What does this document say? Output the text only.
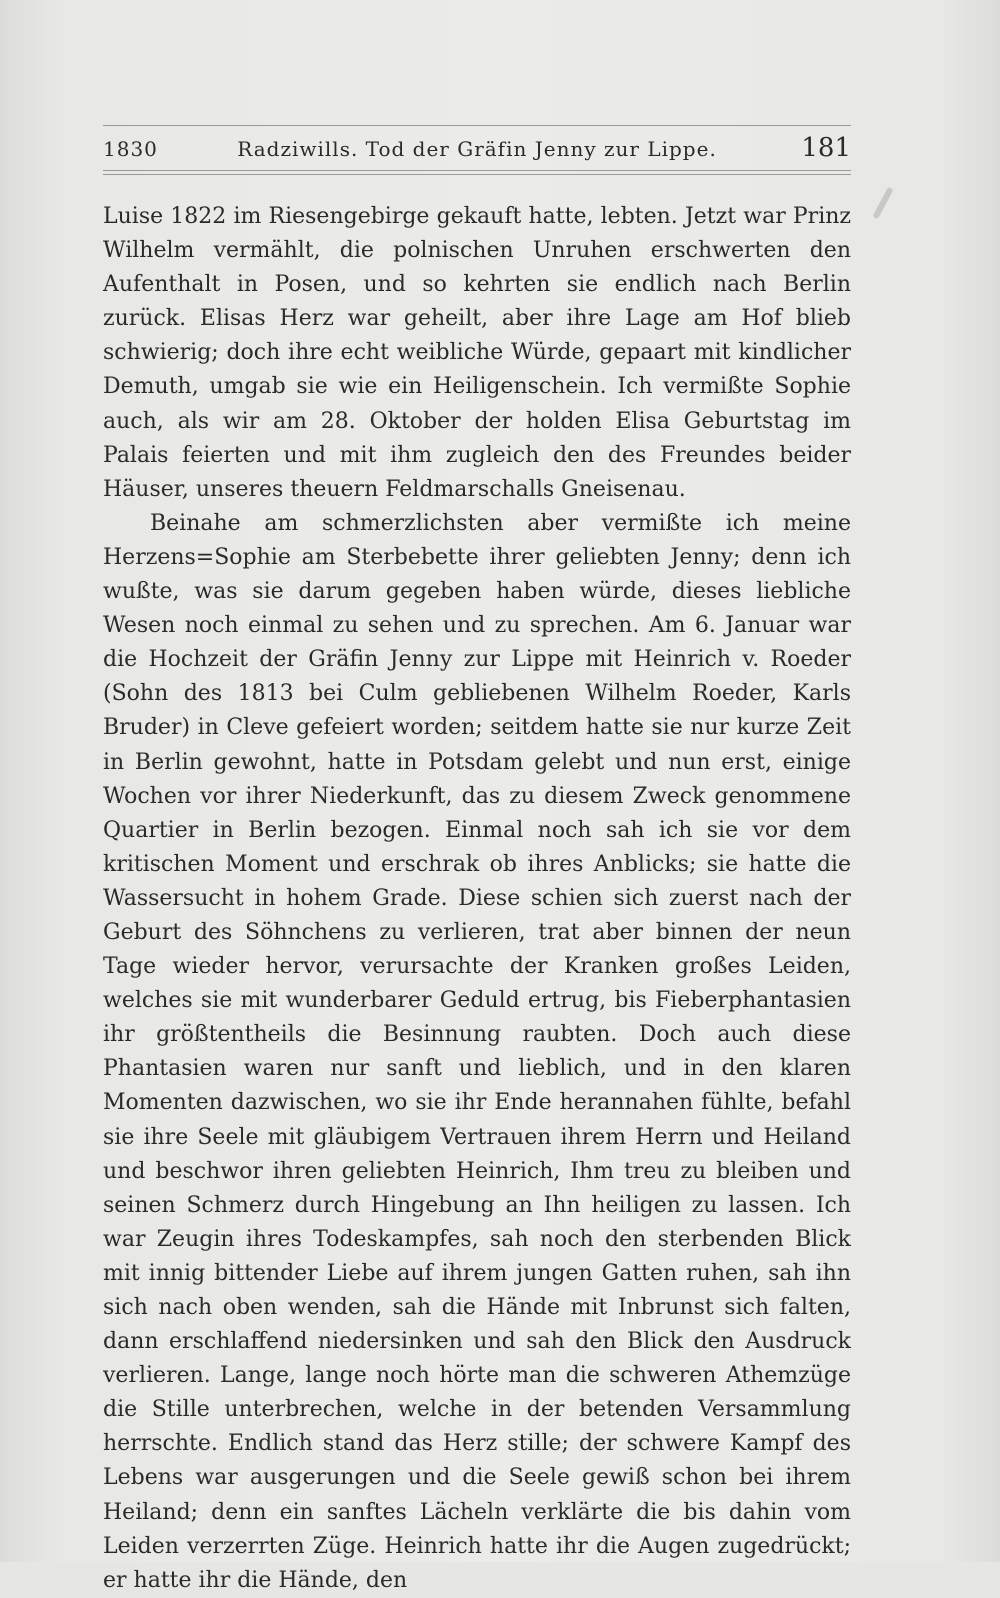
1830	Radziwills. Tod der Gräfin Jenny zur Lippe.	181

Luise 1822 im Riesengebirge gekauft hatte, lebten. Jetzt war Prinz Wilhelm vermählt, die polnischen Unruhen erschwerten den Aufenthalt in Posen, und so kehrten sie endlich nach Berlin zurück. Elisas Herz war geheilt, aber ihre Lage am Hof blieb schwierig; doch ihre echt weibliche Würde, gepaart mit kindlicher Demuth, umgab sie wie ein Heiligenschein. Ich vermißte Sophie auch, als wir am 28. Oktober der holden Elisa Geburtstag im Palais feierten und mit ihm zugleich den des Freundes beider Häuser, unseres theuern Feldmarschalls Gneisenau.

Beinahe am schmerzlichsten aber vermißte ich meine Herzens=Sophie am Sterbebette ihrer geliebten Jenny; denn ich wußte, was sie darum gegeben haben würde, dieses liebliche Wesen noch einmal zu sehen und zu sprechen. Am 6. Januar war die Hochzeit der Gräfin Jenny zur Lippe mit Heinrich v. Roeder (Sohn des 1813 bei Culm gebliebenen Wilhelm Roeder, Karls Bruder) in Cleve gefeiert worden; seitdem hatte sie nur kurze Zeit in Berlin gewohnt, hatte in Potsdam gelebt und nun erst, einige Wochen vor ihrer Niederkunft, das zu diesem Zweck genommene Quartier in Berlin bezogen. Einmal noch sah ich sie vor dem kritischen Moment und erschrak ob ihres Anblicks; sie hatte die Wassersucht in hohem Grade. Diese schien sich zuerst nach der Geburt des Söhnchens zu verlieren, trat aber binnen der neun Tage wieder hervor, verursachte der Kranken großes Leiden, welches sie mit wunderbarer Geduld ertrug, bis Fieberphantasien ihr größtentheils die Besinnung raubten. Doch auch diese Phantasien waren nur sanft und lieblich, und in den klaren Momenten dazwischen, wo sie ihr Ende herannahen fühlte, befahl sie ihre Seele mit gläubigem Vertrauen ihrem Herrn und Heiland und beschwor ihren geliebten Heinrich, Ihm treu zu bleiben und seinen Schmerz durch Hingebung an Ihn heiligen zu lassen. Ich war Zeugin ihres Todeskampfes, sah noch den sterbenden Blick mit innig bittender Liebe auf ihrem jungen Gatten ruhen, sah ihn sich nach oben wenden, sah die Hände mit Inbrunst sich falten, dann erschlaffend niedersinken und sah den Blick den Ausdruck verlieren. Lange, lange noch hörte man die schweren Athemzüge die Stille unterbrechen, welche in der betenden Versammlung herrschte. Endlich stand das Herz stille; der schwere Kampf des Lebens war ausgerungen und die Seele gewiß schon bei ihrem Heiland; denn ein sanftes Lächeln verklärte die bis dahin vom Leiden verzerrten Züge. Heinrich hatte ihr die Augen zugedrückt; er hatte ihr die Hände, den
